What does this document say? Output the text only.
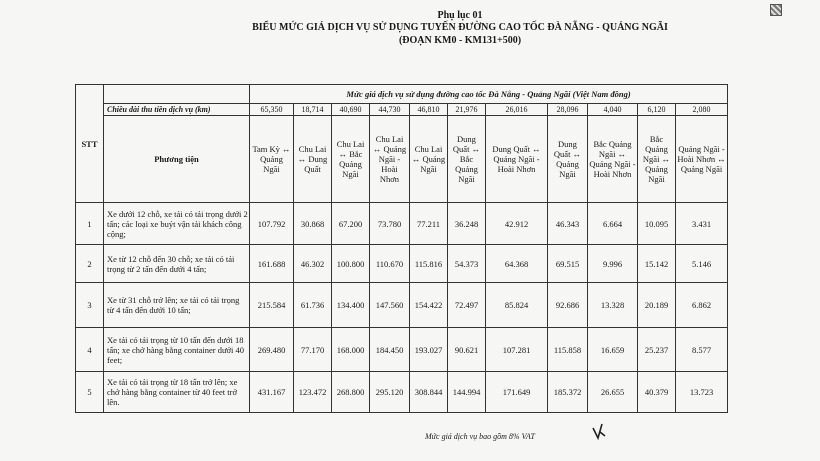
Phụ lục 01
BIỂU MỨC GIÁ DỊCH VỤ SỬ DỤNG TUYẾN ĐƯỜNG CAO TỐC ĐÀ NẴNG - QUẢNG NGÃI
(ĐOẠN KM0 - KM131+500)
STT		Mức giá dịch vụ sử dụng đường cao tốc Đà Nẵng - Quảng Ngãi (Việt Nam đồng)										
	Chiều dài thu tiền dịch vụ (km)	65,350	18,714	40,690	44,730	46,810	21,976	26,016	28,096	4,040	6,120	2,080
	Phương tiện	Tam Kỳ ↔ Quảng Ngãi	Chu Lai ↔ Dung Quất	Chu Lai ↔ Bắc Quảng Ngãi	Chu Lai ↔ Quảng Ngãi - Hoài Nhơn	Chu Lai ↔ Quảng Ngãi	Dung Quất ↔ Bắc Quảng Ngãi	Dung Quất ↔ Quảng Ngãi - Hoài Nhơn	Dung Quất ↔ Quảng Ngãi	Bắc Quảng Ngãi ↔ Quảng Ngãi - Hoài Nhơn	Bắc Quảng Ngãi ↔ Quảng Ngãi	Quảng Ngãi - Hoài Nhơn ↔ Quảng Ngãi
1	Xe dưới 12 chỗ, xe tải có tải trọng dưới 2 tấn; các loại xe buýt vận tải khách công cộng;	107.792	30.868	67.200	73.780	77.211	36.248	42.912	46.343	6.664	10.095	3.431
2	Xe từ 12 chỗ đến 30 chỗ; xe tải có tải trọng từ 2 tấn đến dưới 4 tấn;	161.688	46.302	100.800	110.670	115.816	54.373	64.368	69.515	9.996	15.142	5.146
3	Xe từ 31 chỗ trở lên; xe tải có tải trọng từ 4 tấn đến dưới 10 tấn;	215.584	61.736	134.400	147.560	154.422	72.497	85.824	92.686	13.328	20.189	6.862
4	Xe tải có tải trọng từ 10 tấn đến dưới 18 tấn; xe chở hàng bằng container dưới 40 feet;	269.480	77.170	168.000	184.450	193.027	90.621	107.281	115.858	16.659	25.237	8.577
5	Xe tải có tải trọng từ 18 tấn trở lên; xe chở hàng bằng container từ 40 feet trở lên.	431.167	123.472	268.800	295.120	308.844	144.994	171.649	185.372	26.655	40.379	13.723
Mức giá dịch vụ bao gồm 8% VAT
